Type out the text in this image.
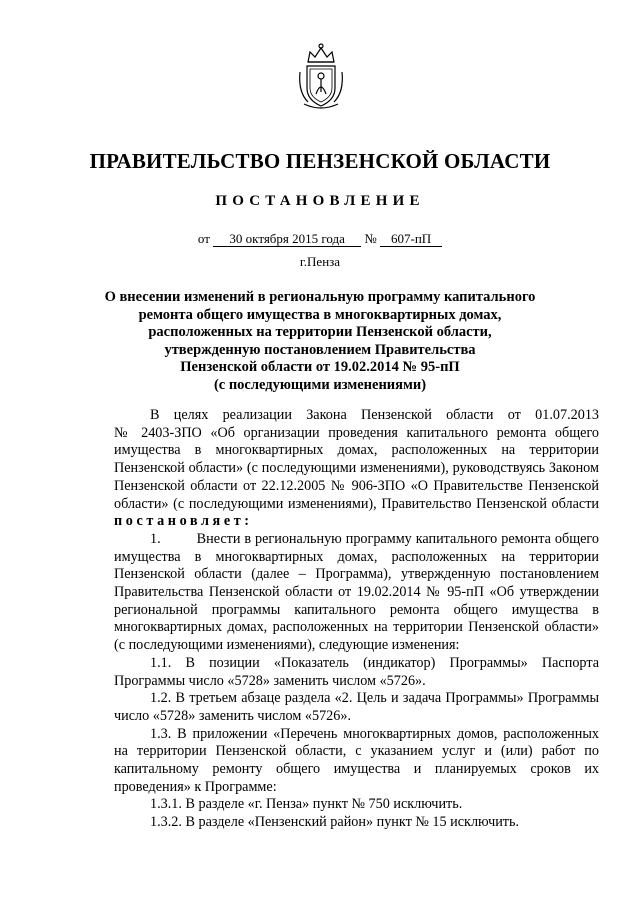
ПРАВИТЕЛЬСТВО ПЕНЗЕНСКОЙ ОБЛАСТИ
ПОСТАНОВЛЕНИЕ
от 30 октября 2015 года № 607-пП
г.Пенза
О внесении изменений в региональную программу капитального
ремонта общего имущества в многоквартирных домах,
расположенных на территории Пензенской области,
утвержденную постановлением Правительства
Пензенской области от 19.02.2014 № 95-пП
(с последующими изменениями)

В целях реализации Закона Пензенской области от 01.07.2013

№ 2403-ЗПО «Об организации проведения капитального ремонта общего

имущества в многоквартирных домах, расположенных на территории

Пензенской области» (с последующими изменениями), руководствуясь Законом

Пензенской области от 22.12.2005 № 906-ЗПО «О Правительстве Пензенской

области» (с последующими изменениями), Правительство Пензенской области

постановляет:

1.	Внести в региональную программу капитального ремонта общего

имущества в многоквартирных домах, расположенных на территории

Пензенской области (далее – Программа), утвержденную постановлением

Правительства Пензенской области от 19.02.2014 № 95-пП «Об утверждении

региональной программы капитального ремонта общего имущества в

многоквартирных домах, расположенных на территории Пензенской области»

(с последующими изменениями), следующие изменения:

1.1. В позиции «Показатель (индикатор) Программы» Паспорта

Программы число «5728» заменить числом «5726».

1.2. В третьем абзаце раздела «2. Цель и задача Программы» Программы

число «5728» заменить числом «5726».

1.3. В приложении «Перечень многоквартирных домов, расположенных

на территории Пензенской области, с указанием услуг и (или) работ по

капитальному ремонту общего имущества и планируемых сроков их

проведения» к Программе:

1.3.1. В разделе «г. Пенза» пункт № 750 исключить.

1.3.2. В разделе «Пензенский район» пункт № 15 исключить.
